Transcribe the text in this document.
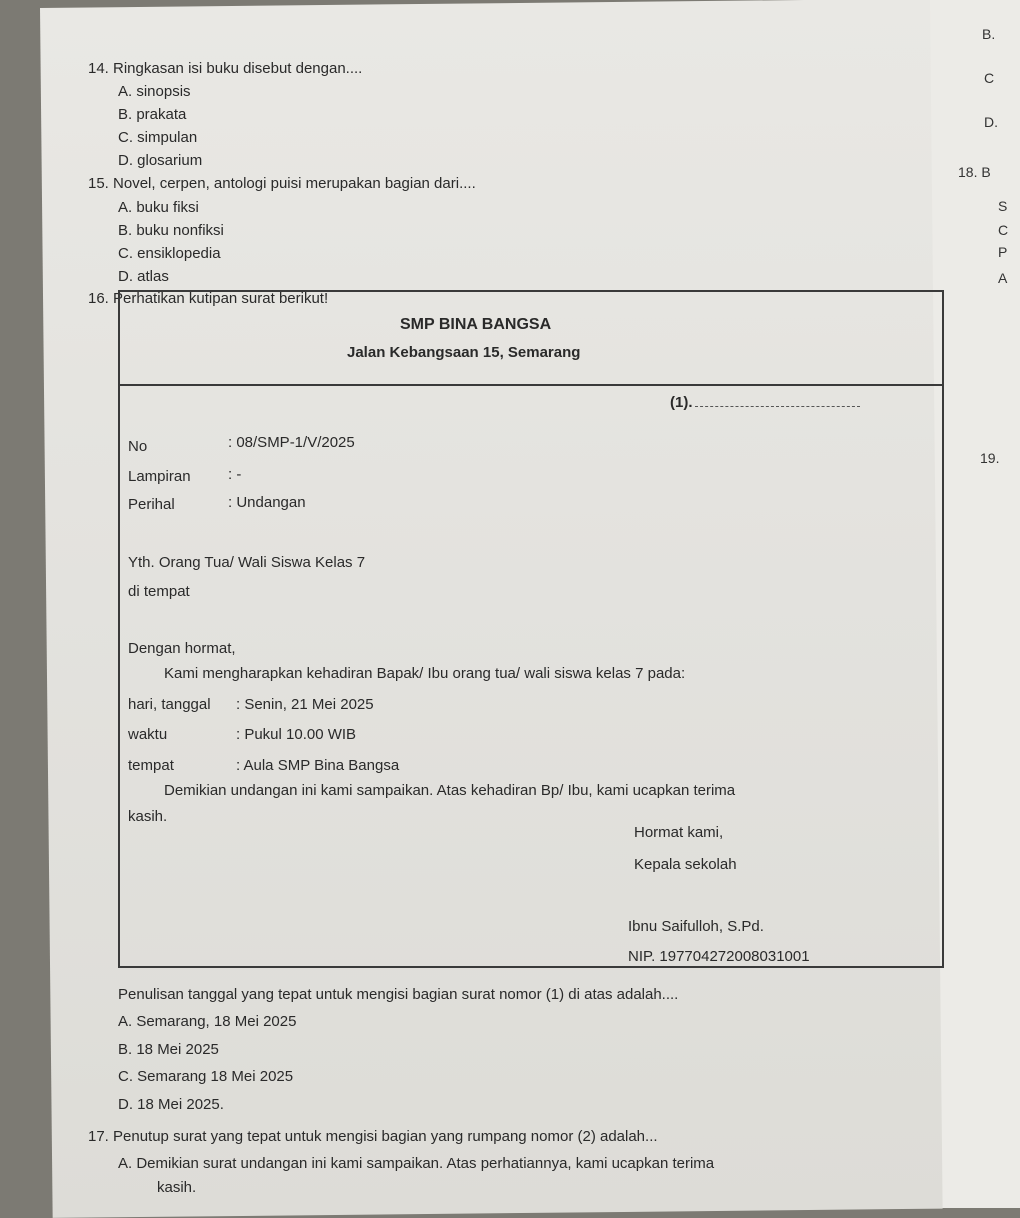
B.
C
D.
18. B
S
C
P
A
19.
14. Ringkasan isi buku disebut dengan....
A. sinopsis
B. prakata
C. simpulan
D. glosarium
15. Novel, cerpen, antologi puisi merupakan bagian dari....
A. buku fiksi
B. buku nonfiksi
C. ensiklopedia
D. atlas
16. Perhatikan kutipan surat berikut!
SMP BINA BANGSA
Jalan Kebangsaan 15, Semarang
(1).
No	: 08/SMP-1/V/2025
Lampiran : -
Perihal	: Undangan
Yth. Orang Tua/ Wali Siswa Kelas 7
di tempat
Dengan hormat,
Kami mengharapkan kehadiran Bapak/ Ibu orang tua/ wali siswa kelas 7 pada:
hari, tanggal : Senin, 21 Mei 2025
waktu	: Pukul 10.00 WIB
tempat	: Aula SMP Bina Bangsa
Demikian undangan ini kami sampaikan. Atas kehadiran Bp/ Ibu, kami ucapkan terima
kasih.
Hormat kami,
Kepala sekolah
Ibnu Saifulloh, S.Pd.
NIP. 197704272008031001
Penulisan tanggal yang tepat untuk mengisi bagian surat nomor (1) di atas adalah....
A. Semarang, 18 Mei 2025
B. 18 Mei 2025
C. Semarang 18 Mei 2025
D. 18 Mei 2025.
17. Penutup surat yang tepat untuk mengisi bagian yang rumpang nomor (2) adalah...
A. Demikian surat undangan ini kami sampaikan. Atas perhatiannya, kami ucapkan terima
kasih.
